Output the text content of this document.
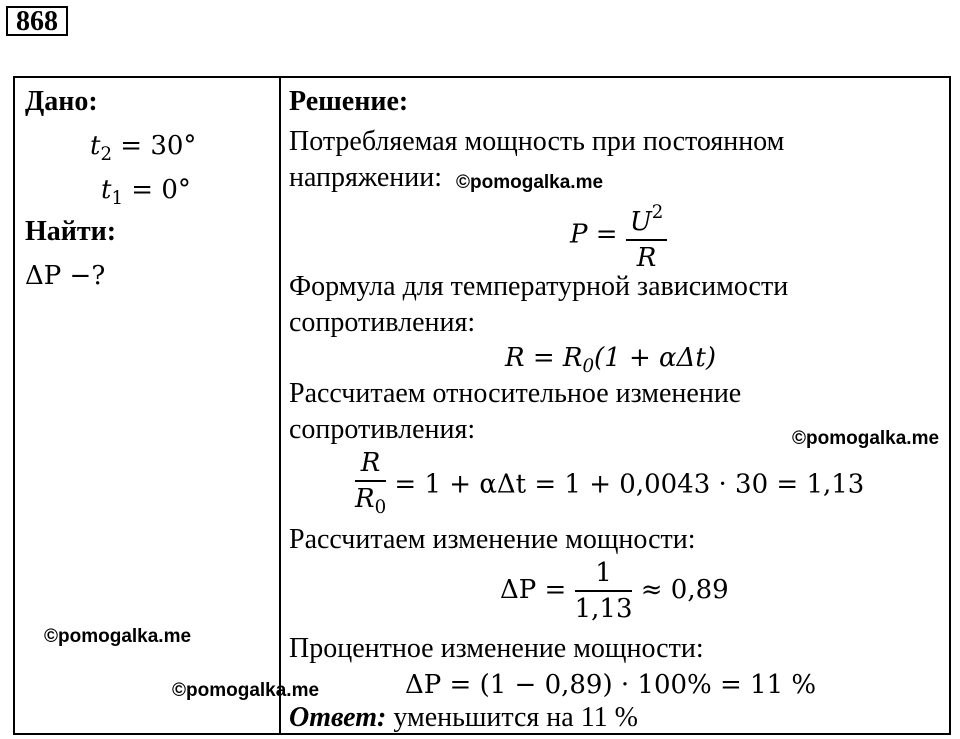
868
Дано:
$t_2 = 30^\circ$
$t_1 = 0^\circ$
Найти:
ΔP −?
Решение:
Потребляемая мощность при постоянном
напряжении:
$P = \frac{U^2}{R}$
Формула для температурной зависимости
сопротивления:
$R = R_0(1 + \alpha\Delta t)$
Рассчитаем относительное изменение
сопротивления:
$\frac{R}{R_0} = 1 + \alpha\Delta t = 1 + 0,0043 \cdot 30 = 1,13$
Рассчитаем изменение мощности:
$\Delta P = \frac{1}{1,13} \approx 0,89$
Процентное изменение мощности:
ΔP = (1 − 0,89) · 100% = 11 %
Ответ: уменьшится на 11 %
©pomogalka.me
©pomogalka.me
©pomogalka.me
©pomogalka.me
